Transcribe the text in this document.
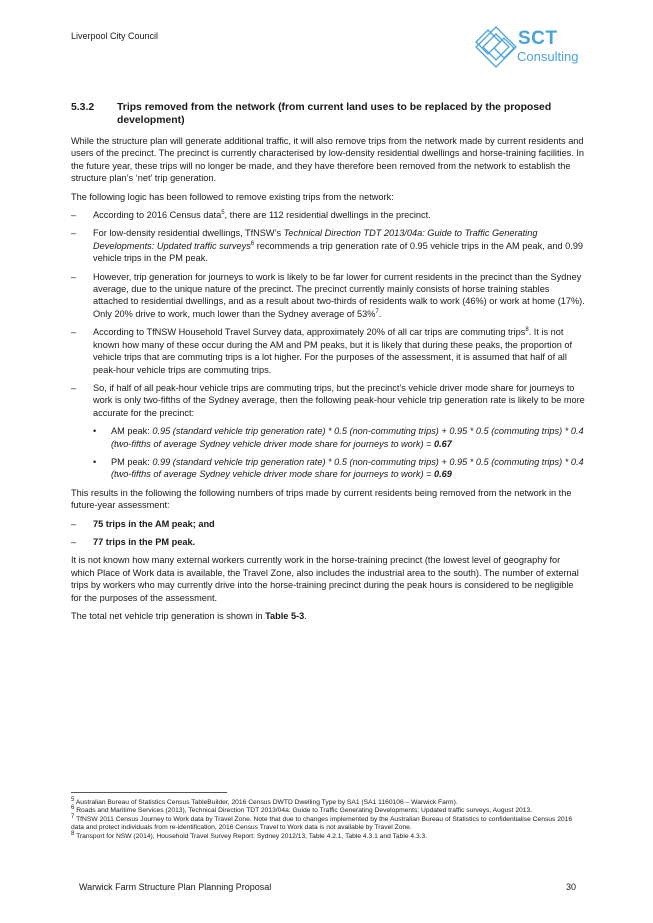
Liverpool City Council	SCT
Consulting
5.3.2 Trips removed from the network (from current land uses to be replaced by the proposed development)

While the structure plan will generate additional traffic, it will also remove trips from the network made by current residents and users of the precinct. The precinct is currently characterised by low-density residential dwellings and horse-training facilities. In the future year, these trips will no longer be made, and they have therefore been removed from the network to establish the structure plan’s ‘net’ trip generation.

The following logic has been followed to remove existing trips from the network:

– According to 2016 Census data$^5$, there are 112 residential dwellings in the precinct.
– For low-density residential dwellings, TfNSW’s Technical Direction TDT 2013/04a: Guide to Traffic Generating Developments: Updated traffic surveys$^6$ recommends a trip generation rate of 0.95 vehicle trips in the AM peak, and 0.99 vehicle trips in the PM peak.
– However, trip generation for journeys to work is likely to be far lower for current residents in the precinct than the Sydney average, due to the unique nature of the precinct. The precinct currently mainly consists of horse training stables attached to residential dwellings, and as a result about two-thirds of residents walk to work (46%) or work at home (17%). Only 20% drive to work, much lower than the Sydney average of 53%$^7$.
– According to TfNSW Household Travel Survey data, approximately 20% of all car trips are commuting trips$^8$. It is not known how many of these occur during the AM and PM peaks, but it is likely that during these peaks, the proportion of vehicle trips that are commuting trips is a lot higher. For the purposes of the assessment, it is assumed that half of all peak-hour vehicle trips are commuting trips.
– So, if half of all peak-hour vehicle trips are commuting trips, but the precinct’s vehicle driver mode share for journeys to work is only two-fifths of the Sydney average, then the following peak-hour vehicle trip generation rate is likely to be more accurate for the precinct:
• AM peak: 0.95 (standard vehicle trip generation rate) * 0.5 (non-commuting trips) + 0.95 * 0.5 (commuting trips) * 0.4 (two-fifths of average Sydney vehicle driver mode share for journeys to work) = 0.67
• PM peak: 0.99 (standard vehicle trip generation rate) * 0.5 (non-commuting trips) + 0.95 * 0.5 (commuting trips) * 0.4 (two-fifths of average Sydney vehicle driver mode share for journeys to work) = 0.69

This results in the following the following numbers of trips made by current residents being removed from the network in the future-year assessment:

– 75 trips in the AM peak; and
– 77 trips in the PM peak.

It is not known how many external workers currently work in the horse-training precinct (the lowest level of geography for which Place of Work data is available, the Travel Zone, also includes the industrial area to the south). The number of external trips by workers who may currently drive into the horse-training precinct during the peak hours is considered to be negligible for the purposes of the assessment.

The total net vehicle trip generation is shown in Table 5-3.

$^5$ Australian Bureau of Statistics Census TableBuilder, 2016 Census DWTD Dwelling Type by SA1 (SA1 1160106 – Warwick Farm).
$^6$ Roads and Maritime Services (2013), Technical Direction TDT 2013/04a: Guide to Traffic Generating Developments: Updated traffic surveys, August 2013.
$^7$ TfNSW 2011 Census Journey to Work data by Travel Zone. Note that due to changes implemented by the Australian Bureau of Statistics to confidentialise Census 2016 data and protect individuals from re-identification, 2016 Census Travel to Work data is not available by Travel Zone.
$^8$ Transport for NSW (2014), Household Travel Survey Report: Sydney 2012/13, Table 4.2.1, Table 4.3.1 and Table 4.3.3.
Warwick Farm Structure Plan Planning Proposal	30
